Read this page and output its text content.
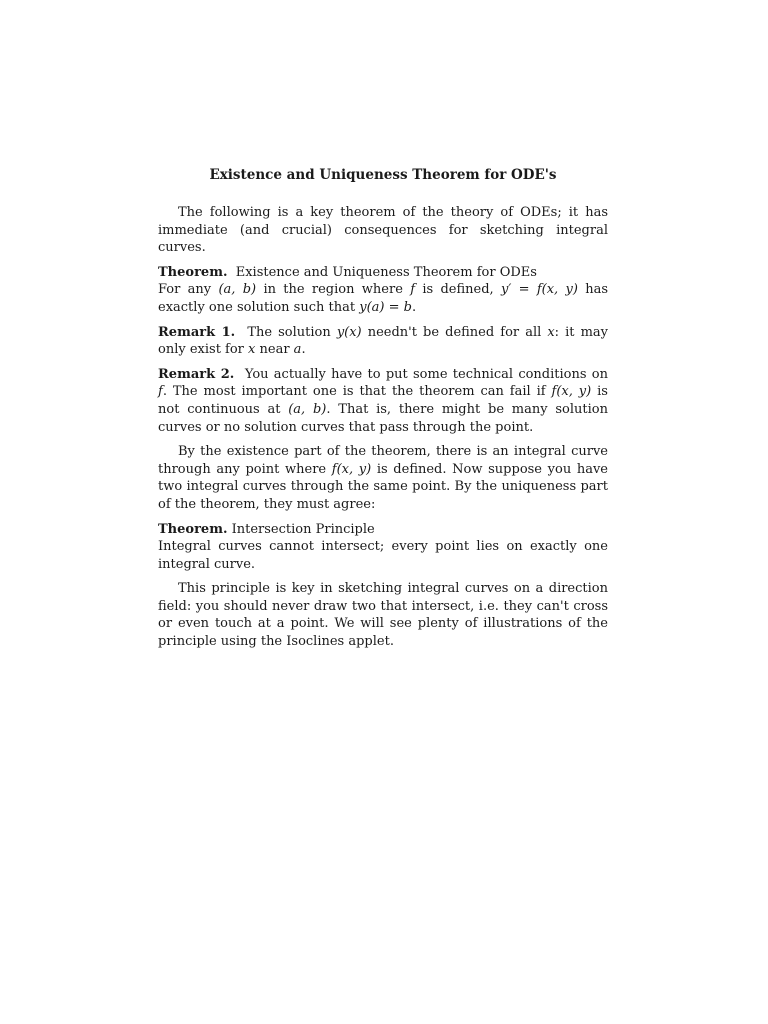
Existence and Uniqueness Theorem for ODE's

The following is a key theorem of the theory of ODEs; it has immediate (and crucial) consequences for sketching integral curves.

Theorem. Existence and Uniqueness Theorem for ODEs
For any (a, b) in the region where f is defined, y′ = f(x, y) has exactly one solution such that y(a) = b.

Remark 1. The solution y(x) needn't be defined for all x: it may only exist for x near a.

Remark 2. You actually have to put some technical conditions on f. The most important one is that the theorem can fail if f(x, y) is not continuous at (a, b). That is, there might be many solution curves or no solution curves that pass through the point.

By the existence part of the theorem, there is an integral curve through any point where f(x, y) is defined. Now suppose you have two integral curves through the same point. By the uniqueness part of the theorem, they must agree:

Theorem. Intersection Principle
Integral curves cannot intersect; every point lies on exactly one integral curve.

This principle is key in sketching integral curves on a direction field: you should never draw two that intersect, i.e. they can't cross or even touch at a point. We will see plenty of illustrations of the principle using the Isoclines applet.
